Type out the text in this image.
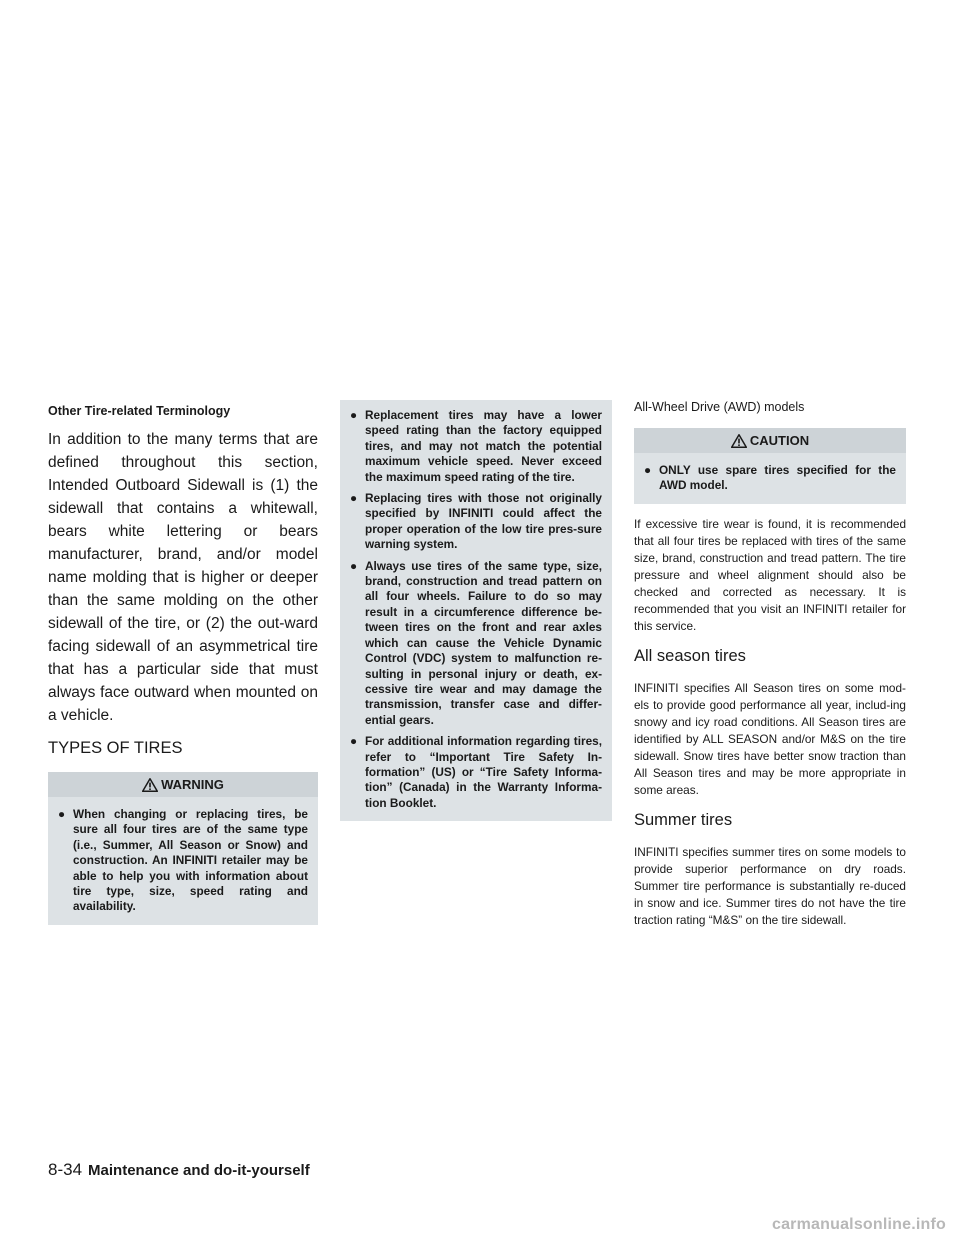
Other Tire-related Terminology

In addition to the many terms that are defined throughout this section, Intended Outboard Sidewall is (1) the sidewall that contains a whitewall, bears white lettering or bears manufacturer, brand, and/or model name molding that is higher or deeper than the same molding on the other sidewall of the tire, or (2) the out-ward facing sidewall of an asymmetrical tire that has a particular side that must always face outward when mounted on a vehicle.

TYPES OF TIRES
WARNING
● When changing or replacing tires, be sure all four tires are of the same type (i.e., Summer, All Season or Snow) and construction. An INFINITI retailer may be able to help you with information about tire type, size, speed rating and availability.
● Replacement tires may have a lower speed rating than the factory equipped tires, and may not match the potential maximum vehicle speed. Never exceed the maximum speed rating of the tire.
● Replacing tires with those not originally specified by INFINITI could affect the proper operation of the low tire pres-sure warning system.
● Always use tires of the same type, size, brand, construction and tread pattern on all four wheels. Failure to do so may result in a circumference difference be-tween tires on the front and rear axles which can cause the Vehicle Dynamic Control (VDC) system to malfunction re-sulting in personal injury or death, ex-cessive tire wear and may damage the transmission, transfer case and differ-ential gears.
● For additional information regarding tires, refer to “Important Tire Safety In-formation” (US) or “Tire Safety Informa-tion” (Canada) in the Warranty Informa-tion Booklet.
All-Wheel Drive (AWD) models
CAUTION
● ONLY use spare tires specified for the AWD model.

If excessive tire wear is found, it is recommended that all four tires be replaced with tires of the same size, brand, construction and tread pattern. The tire pressure and wheel alignment should also be checked and corrected as necessary. It is recommended that you visit an INFINITI retailer for this service.

All season tires

INFINITI specifies All Season tires on some mod-els to provide good performance all year, includ-ing snowy and icy road conditions. All Season tires are identified by ALL SEASON and/or M&S on the tire sidewall. Snow tires have better snow traction than All Season tires and may be more appropriate in some areas.

Summer tires

INFINITI specifies summer tires on some models to provide superior performance on dry roads. Summer tire performance is substantially re-duced in snow and ice. Summer tires do not have the tire traction rating “M&S” on the tire sidewall.

8-34 Maintenance and do-it-yourself
carmanualsonline.info
